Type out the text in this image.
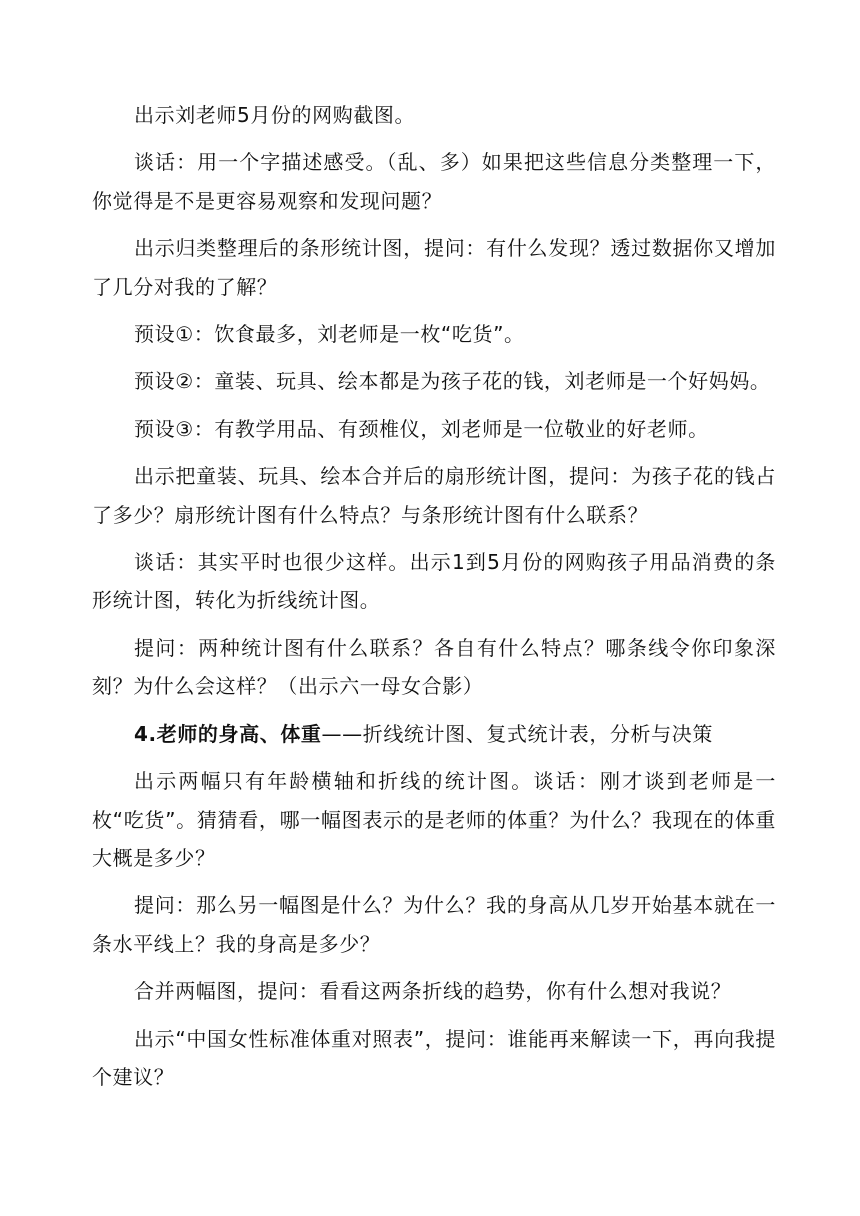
出示刘老师5月份的网购截图。

谈话：用一个字描述感受。（乱、多）如果把这些信息分类整理一下，你觉得是不是更容易观察和发现问题？

出示归类整理后的条形统计图，提问：有什么发现？透过数据你又增加了几分对我的了解？

预设①：饮食最多，刘老师是一枚“吃货”。

预设②：童装、玩具、绘本都是为孩子花的钱，刘老师是一个好妈妈。

预设③：有教学用品、有颈椎仪，刘老师是一位敬业的好老师。

出示把童装、玩具、绘本合并后的扇形统计图，提问：为孩子花的钱占了多少？扇形统计图有什么特点？与条形统计图有什么联系？

谈话：其实平时也很少这样。出示1到5月份的网购孩子用品消费的条形统计图，转化为折线统计图。

提问：两种统计图有什么联系？各自有什么特点？哪条线令你印象深刻？为什么会这样？（出示六一母女合影）

4.老师的身高、体重——折线统计图、复式统计表，分析与决策

出示两幅只有年龄横轴和折线的统计图。谈话：刚才谈到老师是一枚“吃货”。猜猜看，哪一幅图表示的是老师的体重？为什么？我现在的体重大概是多少？

提问：那么另一幅图是什么？为什么？我的身高从几岁开始基本就在一条水平线上？我的身高是多少？

合并两幅图，提问：看看这两条折线的趋势，你有什么想对我说？

出示“中国女性标准体重对照表”，提问：谁能再来解读一下，再向我提个建议？
